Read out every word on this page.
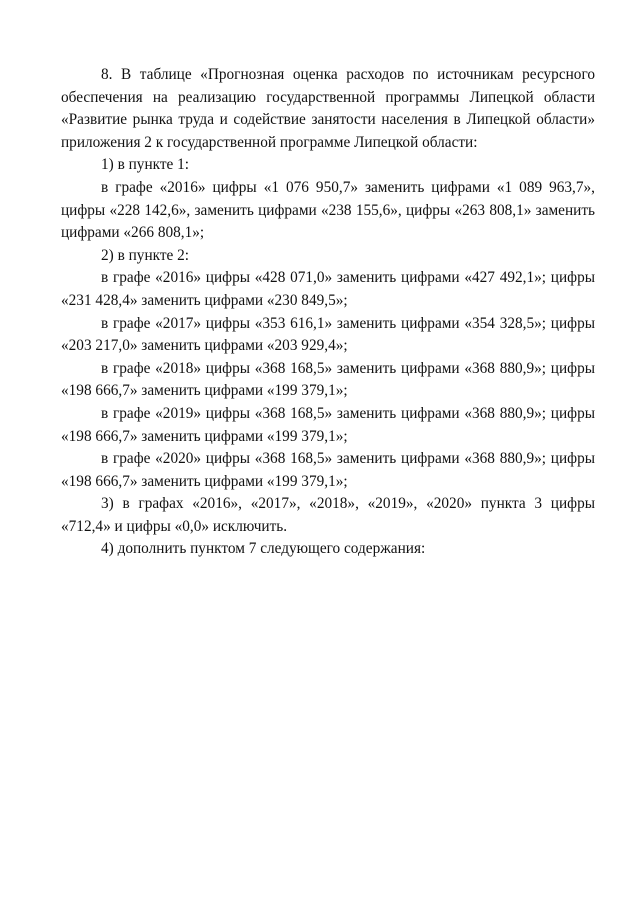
8. В таблице «Прогнозная оценка расходов по источникам ресурсного обеспечения на реализацию государственной программы Липецкой области «Развитие рынка труда и содействие занятости населения в Липецкой области» приложения 2 к государственной программе Липецкой области:

1) в пункте 1:

в графе «2016» цифры «1 076 950,7» заменить цифрами «1 089 963,7», цифры «228 142,6», заменить цифрами «238 155,6», цифры «263 808,1» заменить цифрами «266 808,1»;

2) в пункте 2:

в графе «2016» цифры «428 071,0» заменить цифрами «427 492,1»; цифры «231 428,4» заменить цифрами «230 849,5»;

в графе «2017» цифры «353 616,1» заменить цифрами «354 328,5»; цифры «203 217,0» заменить цифрами «203 929,4»;

в графе «2018» цифры «368 168,5» заменить цифрами «368 880,9»; цифры «198 666,7» заменить цифрами «199 379,1»;

в графе «2019» цифры «368 168,5» заменить цифрами «368 880,9»; цифры «198 666,7» заменить цифрами «199 379,1»;

в графе «2020» цифры «368 168,5» заменить цифрами «368 880,9»; цифры «198 666,7» заменить цифрами «199 379,1»;

3) в графах «2016», «2017», «2018», «2019», «2020» пункта 3 цифры «712,4» и цифры «0,0» исключить.

4) дополнить пунктом 7 следующего содержания:
